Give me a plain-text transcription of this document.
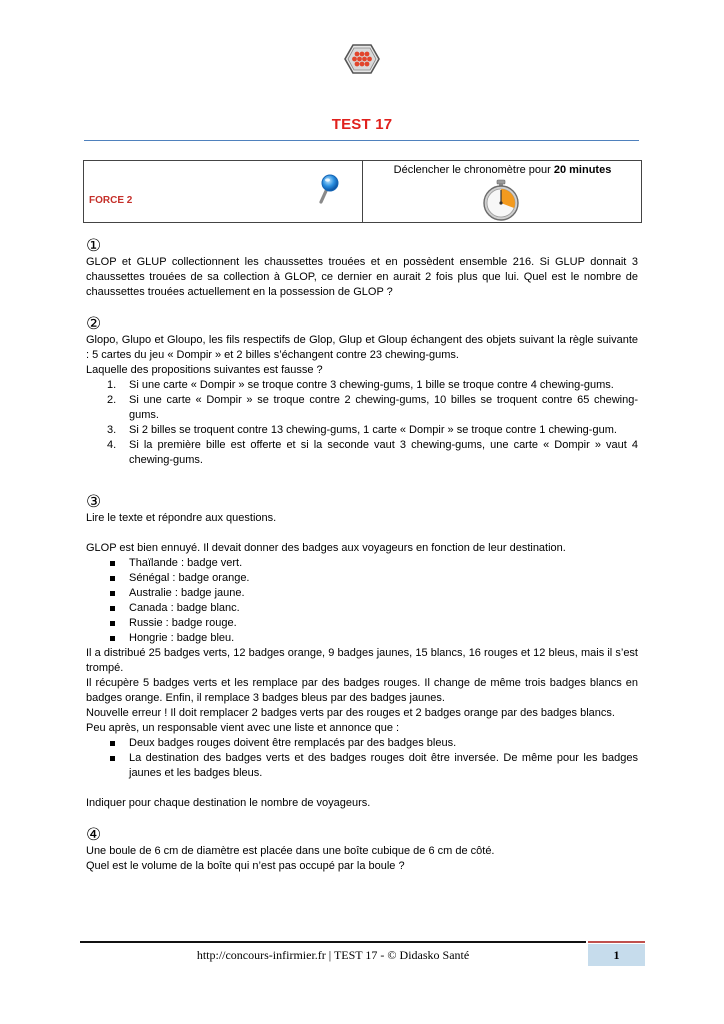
TEST 17
FORCE 2
Déclencher le chronomètre pour 20 minutes
①

GLOP et GLUP collectionnent les chaussettes trouées et en possèdent ensemble 216. Si GLUP donnait 3 chaussettes trouées de sa collection à GLOP, ce dernier en aurait 2 fois plus que lui. Quel est le nombre de chaussettes trouées actuellement en la possession de GLOP ?

②

Glopo, Glupo et Gloupo, les fils respectifs de Glop, Glup et Gloup échangent des objets suivant la règle suivante : 5 cartes du jeu « Dompir » et 2 billes s’échangent contre 23 chewing-gums.

Laquelle des propositions suivantes est fausse ?

1. Si une carte « Dompir » se troque contre 3 chewing-gums, 1 bille se troque contre 4 chewing-gums.
2. Si une carte « Dompir » se troque contre 2 chewing-gums, 10 billes se troquent contre 65 chewing-gums.
3. Si 2 billes se troquent contre 13 chewing-gums, 1 carte « Dompir » se troque contre 1 chewing-gum.
4. Si la première bille est offerte et si la seconde vaut 3 chewing-gums, une carte « Dompir » vaut 4 chewing-gums.
③

Lire le texte et répondre aux questions.

GLOP est bien ennuyé. Il devait donner des badges aux voyageurs en fonction de leur destination.

Thaïlande : badge vert.
Sénégal : badge orange.
Australie : badge jaune.
Canada : badge blanc.
Russie : badge rouge.
Hongrie : badge bleu.

Il a distribué 25 badges verts, 12 badges orange, 9 badges jaunes, 15 blancs, 16 rouges et 12 bleus, mais il s’est trompé.

Il récupère 5 badges verts et les remplace par des badges rouges. Il change de même trois badges blancs en badges orange. Enfin, il remplace 3 badges bleus par des badges jaunes.

Nouvelle erreur ! Il doit remplacer 2 badges verts par des rouges et 2 badges orange par des badges blancs.

Peu après, un responsable vient avec une liste et annonce que :

Deux badges rouges doivent être remplacés par des badges bleus.
La destination des badges verts et des badges rouges doit être inversée. De même pour les badges jaunes et les badges bleus.

Indiquer pour chaque destination le nombre de voyageurs.

④

Une boule de 6 cm de diamètre est placée dans une boîte cubique de 6 cm de côté.

Quel est le volume de la boîte qui n’est pas occupé par la boule ?

http://concours-infirmier.fr | TEST 17 - © Didasko Santé	1
